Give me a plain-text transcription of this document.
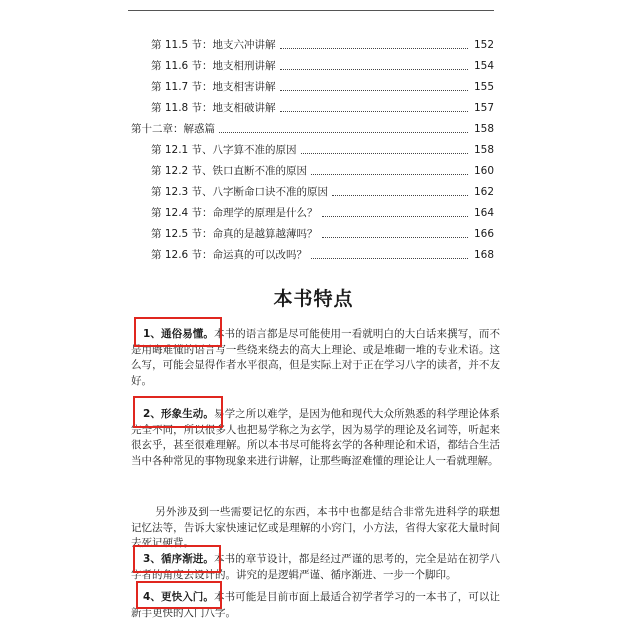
第 11.5 节：地支六冲讲解	152
第 11.6 节：地支相刑讲解	154
第 11.7 节：地支相害讲解	155
第 11.8 节：地支相破讲解	157
第十二章：解惑篇	158
第 12.1 节、八字算不准的原因	158
第 12.2 节、铁口直断不准的原因	160
第 12.3 节、八字断命口诀不准的原因	162
第 12.4 节：命理学的原理是什么？	164
第 12.5 节：命真的是越算越薄吗？	166
第 12.6 节：命运真的可以改吗？	168
本书特点
1、通俗易懂。本书的语言都是尽可能使用一看就明白的大白话来撰写，而不是用晦难懂的语言写一些绕来绕去的高大上理论、或是堆砌一堆的专业术语。这么写，可能会显得作者水平很高，但是实际上对于正在学习八字的读者，并不友好。
2、形象生动。易学之所以难学，是因为他和现代大众所熟悉的科学理论体系完全不同，所以很多人也把易学称之为玄学，因为易学的理论及名词等，听起来很玄乎，甚至很难理解。所以本书尽可能将玄学的各种理论和术语，都结合生活当中各种常见的事物现象来进行讲解，让那些晦涩难懂的理论让人一看就理解。
另外涉及到一些需要记忆的东西，本书中也都是结合非常先进科学的联想记忆法等，告诉大家快速记忆或是理解的小窍门，小方法，省得大家花大量时间去死记硬背。
3、循序渐进。本书的章节设计，都是经过严谨的思考的，完全是站在初学八字者的角度去设计的。讲究的是逻辑严谨、循序渐进、一步一个脚印。
4、更快入门。本书可能是目前市面上最适合初学者学习的一本书了，可以让新手更快的入门八字。
